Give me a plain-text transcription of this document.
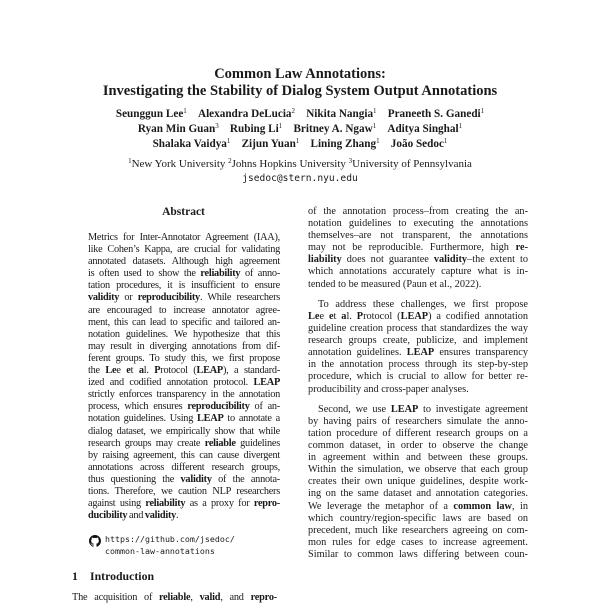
Common Law Annotations:
Investigating the Stability of Dialog System Output Annotations
Seunggun Lee$^1$  Alexandra DeLucia$^2$  Nikita Nangia$^1$  Praneeth S. Ganedi$^1$
Ryan Min Guan$^3$  Rubing Li$^1$  Britney A. Ngaw$^1$  Aditya Singhal$^1$
Shalaka Vaidya$^1$  Zijun Yuan$^1$  Lining Zhang$^1$  João Sedoc$^1$
$^1$New York University $^2$Johns Hopkins University $^3$University of Pennsylvania
jsedoc@stern.nyu.edu
Abstract
Metrics for Inter-Annotator Agreement (IAA),
like Cohen’s Kappa, are crucial for validating
annotated datasets. Although high agreement
is often used to show the reliability of anno-
tation procedures, it is insufficient to ensure
validity or reproducibility. While researchers
are encouraged to increase annotator agree-
ment, this can lead to specific and tailored an-
notation guidelines. We hypothesize that this
may result in diverging annotations from dif-
ferent groups. To study this, we first propose
the Lee et al. Protocol (LEAP), a standard-
ized and codified annotation protocol. LEAP
strictly enforces transparency in the annotation
process, which ensures reproducibility of an-
notation guidelines. Using LEAP to annotate a
dialog dataset, we empirically show that while
research groups may create reliable guidelines
by raising agreement, this can cause divergent
annotations across different research groups,
thus questioning the validity of the annota-
tions. Therefore, we caution NLP researchers
against using reliability as a proxy for repro-
ducibility and validity.
https://github.com/jsedoc/
common-law-annotations
1 Introduction
The acquisition of reliable, valid, and repro-
of the annotation process–from creating the an-
notation guidelines to executing the annotations
themselves–are not transparent, the annotations
may not be reproducible. Furthermore, high re-
liability does not guarantee validity–the extent to
which annotations accurately capture what is in-
tended to be measured (Paun et al., 2022).
To address these challenges, we first propose
Lee et al. Protocol (LEAP) a codified annotation
guideline creation process that standardizes the way
research groups create, publicize, and implement
annotation guidelines. LEAP ensures transparency
in the annotation process through its step-by-step
procedure, which is crucial to allow for better re-
producibility and cross-paper analyses.
Second, we use LEAP to investigate agreement
by having pairs of researchers simulate the anno-
tation procedure of different research groups on a
common dataset, in order to observe the change
in agreement within and between these groups.
Within the simulation, we observe that each group
creates their own unique guidelines, despite work-
ing on the same dataset and annotation categories.
We leverage the metaphor of a common law, in
which country/region-specific laws are based on
precedent, much like researchers agreeing on com-
mon rules for edge cases to increase agreement.
Similar to common laws differing between coun-
